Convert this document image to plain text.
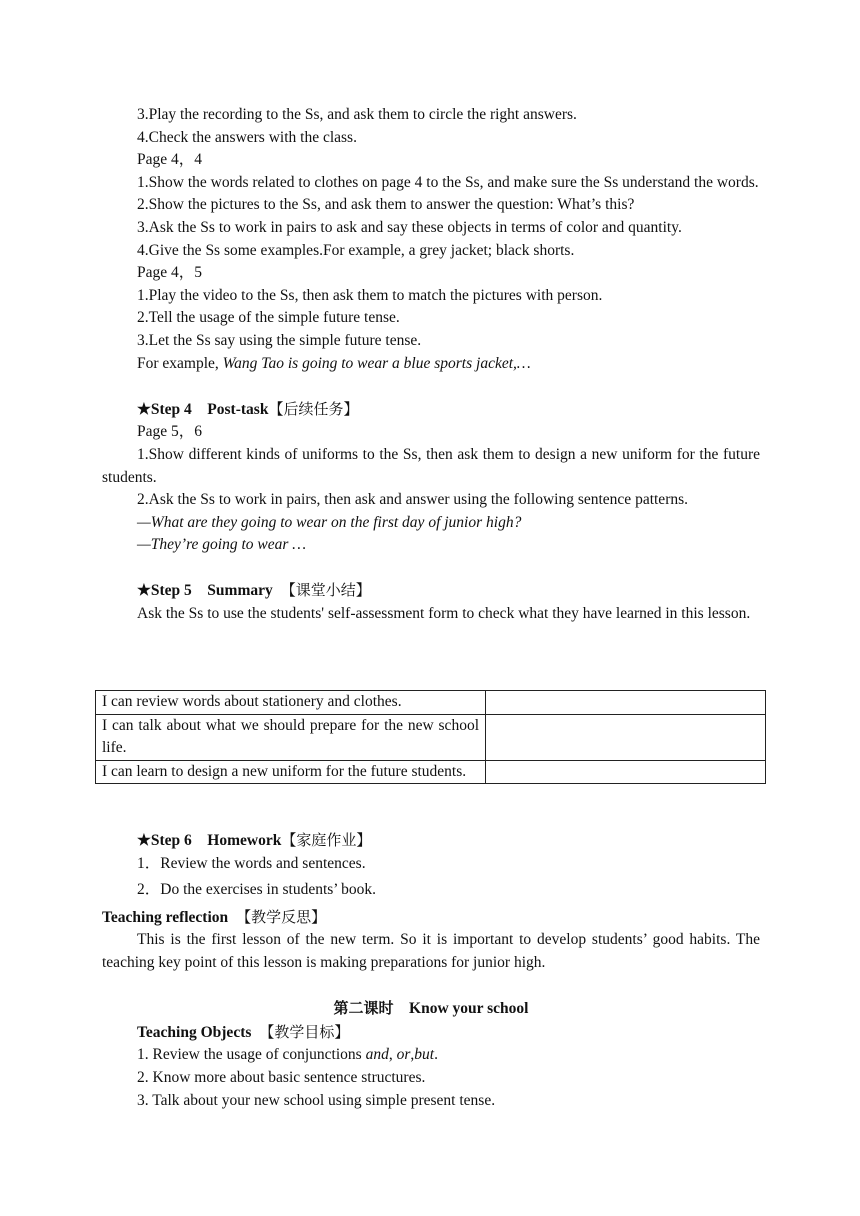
3.Play the recording to the Ss, and ask them to circle the right answers.

4.Check the answers with the class.

Page 4，4

1.Show the words related to clothes on page 4 to the Ss, and make sure the Ss understand the words.

2.Show the pictures to the Ss, and ask them to answer the question: What’s this?

3.Ask the Ss to work in pairs to ask and say these objects in terms of color and quantity.

4.Give the Ss some examples.For example, a grey jacket; black shorts.

Page 4，5

1.Play the video to the Ss, then ask them to match the pictures with person.

2.Tell the usage of the simple future tense.

3.Let the Ss say using the simple future tense.

For example, Wang Tao is going to wear a blue sports jacket,…

★Step 4　Post-task【后续任务】

Page 5，6

1.Show different kinds of uniforms to the Ss, then ask them to design a new uniform for the future students.

2.Ask the Ss to work in pairs, then ask and answer using the following sentence patterns.

—What are they going to wear on the first day of junior high?

—They’re going to wear …

★Step 5　Summary　【课堂小结】

Ask the Ss to use the students' self-assessment form to check what they have learned in this lesson.

I can review words about stationery and clothes.	
I can talk about what we should prepare for the new school life.	
I can learn to design a new uniform for the future students.	

★Step 6　Homework【家庭作业】

1．Review the words and sentences.

2．Do the exercises in students’ book.

Teaching reflection　【教学反思】

This is the first lesson of the new term. So it is important to develop students’ good habits. The teaching key point of this lesson is making preparations for junior high.

第二课时　Know your school

Teaching Objects　【教学目标】

1. Review the usage of conjunctions and, or,but.

2. Know more about basic sentence structures.

3. Talk about your new school using simple present tense.
